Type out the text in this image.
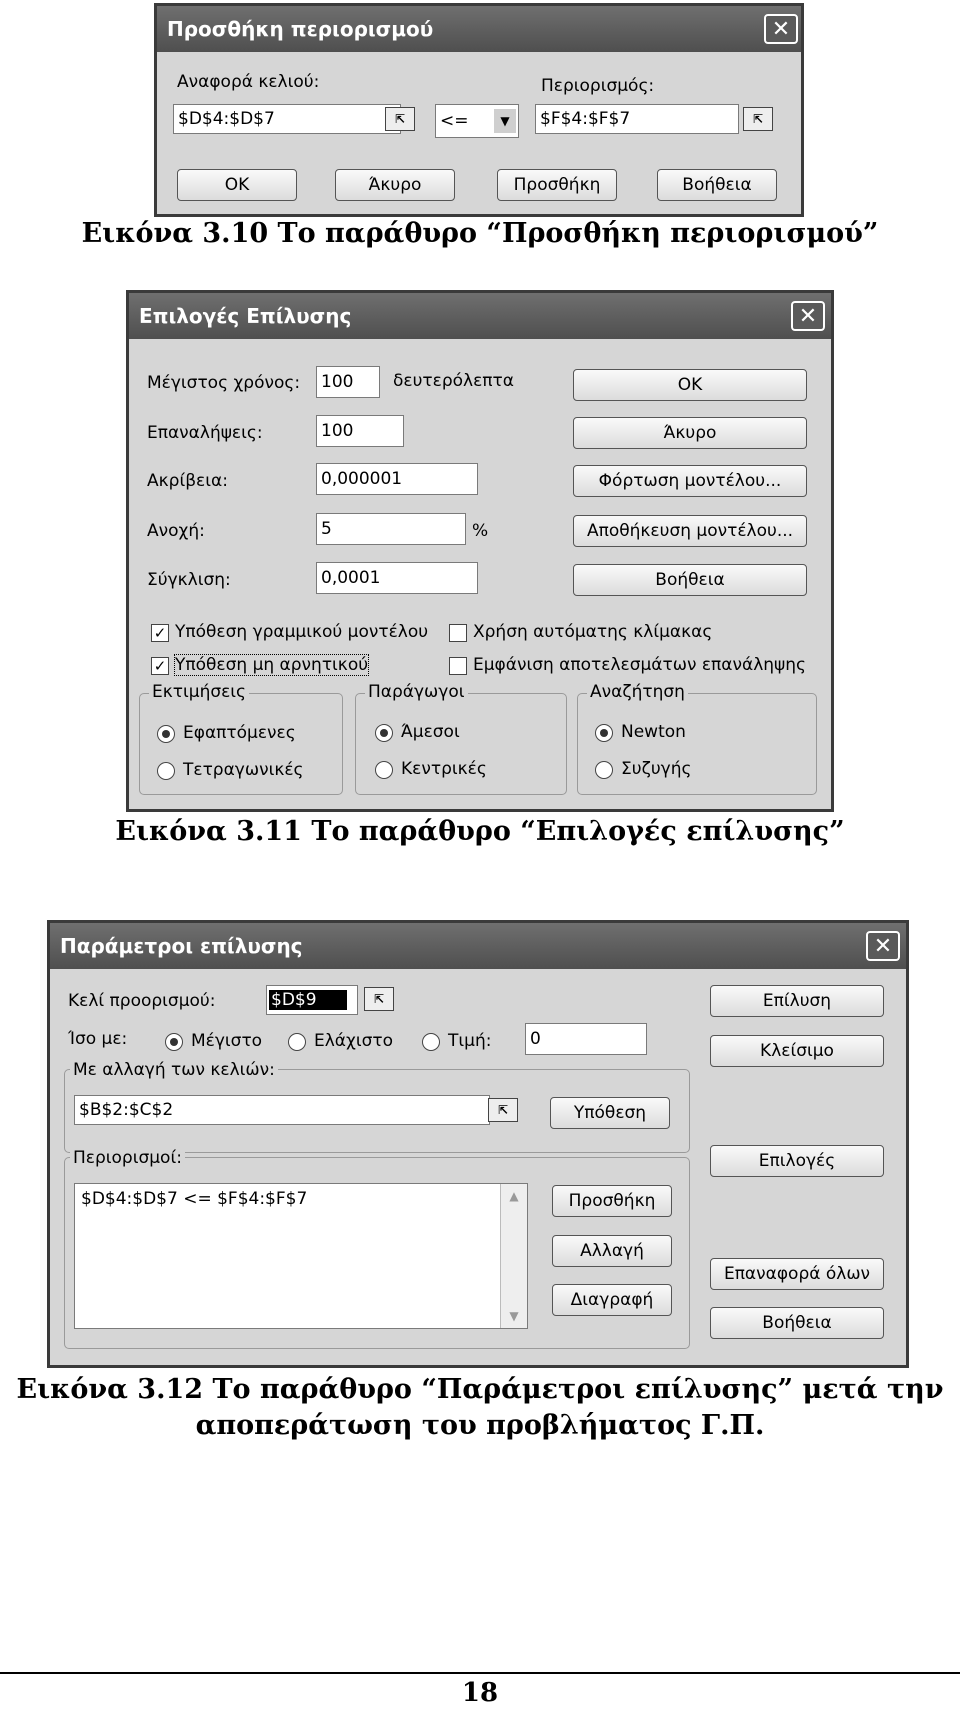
Προσθήκη περιορισμού	✕
Αναφορά κελιού:	Περιορισμός:
$D$4:$D$7	⇱	<=	▼	$F$4:$F$7	⇱
OK	Άκυρο	Προσθήκη	Βοήθεια
Εικόνα 3.10 Το παράθυρο “Προσθήκη περιορισμού”
Επιλογές Επίλυσης	✕
Μέγιστος χρόνος: 100	δευτερόλεπτα
Επαναλήψεις:	100
Ακρίβεια:	0,000001
Ανοχή:	5	%
Σύγκλιση:	0,0001
OK
Άκυρο
Φόρτωση μοντέλου...
Αποθήκευση μοντέλου...
Βοήθεια
✓ Υπόθεση γραμμικού μοντέλου	Χρήση αυτόματης κλίμακας
✓ Υπόθεση μη αρνητικού	Εμφάνιση αποτελεσμάτων επανάληψης
Εκτιμήσεις
Εφαπτόμενες
Τετραγωνικές
Παράγωγοι
Άμεσοι
Κεντρικές
Αναζήτηση
Newton
Συζυγής
Εικόνα 3.11 Το παράθυρο “Επιλογές επίλυσης”
Παράμετροι επίλυσης	✕
Κελί προορισμού:	$D$9	⇱
Ίσο με:	Μέγιστο	Ελάχιστο	Τιμή: 0
Με αλλαγή των κελιών:
$B$2:$C$2	⇱	Υπόθεση
Περιορισμοί:
$D$4:$D$7 <= $F$4:$F$7	▲
▼
Προσθήκη
Αλλαγή
Διαγραφή
Επίλυση
Κλείσιμο
Επιλογές
Επαναφορά όλων
Βοήθεια
Εικόνα 3.12 Το παράθυρο “Παράμετροι επίλυσης” μετά την
αποπεράτωση του προβλήματος Γ.Π.
18
